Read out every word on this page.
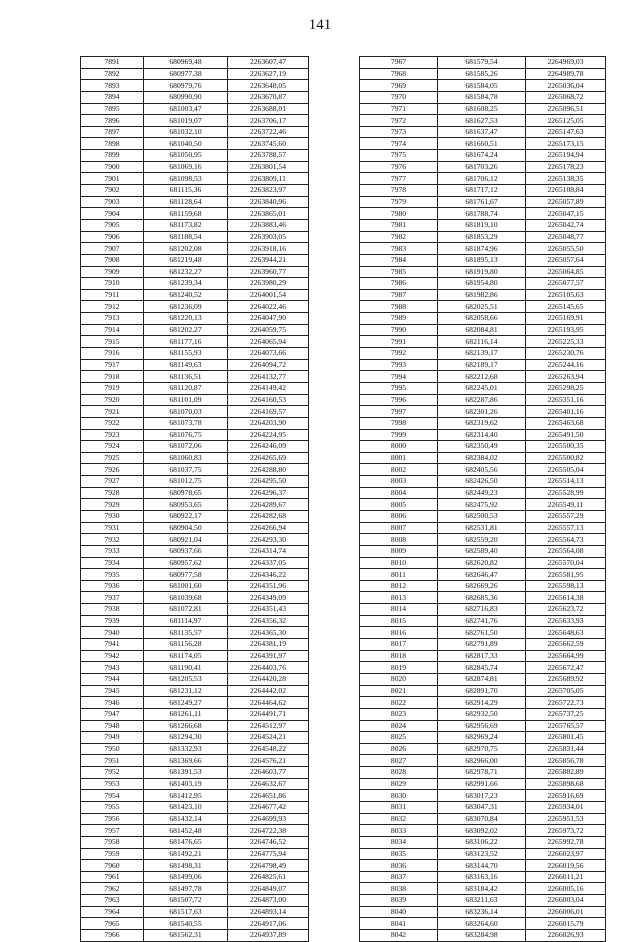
141
7891	680969,48	2263607,47
7892	680977,38	2263627,19
7893	680979,76	2263648,05
7894	680990,90	2263670,87
7895	681003,47	2263688,01
7896	681019,07	2263706,17
7897	681032,10	2263722,46
7898	681040,50	2263745,60
7899	681050,95	2263788,57
7900	681069,16	2263801,54
7901	681098,53	2263809,11
7902	681115,36	2263823,97
7903	681128,64	2263840,96
7904	681159,68	2263865,01
7905	681173,82	2263883,46
7906	681188,54	2263903,05
7907	681202,08	2263918,16
7908	681219,48	2263944,21
7909	681232,27	2263960,77
7910	681239,34	2263980,29
7911	681240,52	2264001,54
7912	681236,09	2264022,46
7913	681220,13	2264047,90
7914	681202,27	2264059,75
7915	681177,16	2264065,94
7916	681155,93	2264073,66
7917	681149,63	2264094,72
7918	681136,51	2264132,77
7919	681120,87	2264149,42
7920	681101,09	2264160,53
7921	681070,03	2264169,57
7922	681073,78	2264203,90
7923	681076,75	2264224,95
7924	681072,06	2264246,09
7925	681060,83	2264265,69
7926	681037,75	2264288,80
7927	681012,75	2264295,50
7928	680978,65	2264296,37
7929	680953,65	2264289,67
7930	680922,17	2264282,68
7931	680904,50	2264266,94
7932	680921,04	2264293,30
7933	680937,66	2264314,74
7934	680957,62	2264337,05
7935	680977,58	2264346,22
7936	681001,60	2264351,96
7937	681039,68	2264349,09
7938	681072,81	2264351,43
7939	681114,97	2264356,32
7940	681135,57	2264365,30
7941	681156,28	2264381,19
7942	681174,05	2264391,97
7943	681190,41	2264403,76
7944	681205,53	2264420,28
7945	681231,12	2264442,02
7946	681249,27	2264464,62
7947	681261,11	2264491,71
7948	681266,68	2264512,97
7949	681294,30	2264524,21
7950	681332,93	2264548,22
7951	681369,66	2264576,21
7952	681391,53	2264603,77
7953	681403,19	2264632,67
7954	681412,95	2264651,86
7955	681423,10	2264677,42
7956	681432,14	2264699,93
7957	681452,48	2264722,38
7958	681476,65	2264746,52
7959	681492,21	2264775,94
7960	681498,31	2264798,49
7961	681499,06	2264825,61
7962	681497,78	2264849,07
7963	681507,72	2264873,00
7964	681517,63	2264893,14
7965	681540,55	2264917,06
7966	681562,31	2264937,89
7967	681579,54	2264969,03
7968	681585,26	2264989,78
7969	681584,05	2265036,04
7970	681584,78	2265068,72
7971	681608,25	2265096,51
7972	681627,53	2265125,05
7973	681637,47	2265147,63
7974	681660,51	2265173,15
7975	681674,24	2265194,94
7976	681703,26	2265178,23
7977	681706,12	2265138,35
7978	681717,12	2265108,84
7979	681761,67	2265057,89
7980	681788,74	2265047,15
7981	681819,10	2265042,74
7982	681853,29	2265048,77
7983	681874,96	2265055,50
7984	681895,13	2265057,64
7985	681919,80	2265064,85
7986	681954,80	2265077,57
7987	681982,86	2265105,63
7988	682025,51	2265145,65
7989	682058,66	2265169,91
7990	682084,81	2265193,95
7991	682116,14	2265225,33
7992	682139,17	2265230,76
7993	682189,17	2265244,16
7994	682212,68	2265263,94
7995	682245,01	2265298,25
7996	682287,86	2265351,16
7997	682301,26	2265401,16
7998	682319,62	2265463,68
7999	682314,40	2265491,50
8000	682350,49	2265500,35
8001	682384,02	2265500,82
8002	682405,56	2265505,04
8003	682426,50	2265514,13
8004	682449,23	2265528,99
8005	682475,92	2265549,11
8006	682500,53	2265557,29
8007	682531,81	2265557,13
8008	682559,20	2265564,73
8009	682589,40	2265564,08
8010	682620,82	2265570,04
8011	682646,47	2265581,95
8012	682669,26	2265598,13
8013	682685,36	2265614,38
8014	682716,83	2265623,72
8015	682741,76	2265633,93
8016	682761,50	2265648,63
8017	682791,89	2265662,59
8018	682817,33	2265664,99
8019	682845,74	2265672,47
8020	682874,81	2265689,92
8021	682891,70	2265705,05
8022	682914,29	2265722,73
8023	682932,50	2265737,25
8024	682956,69	2265765,57
8025	682969,24	2265801,45
8026	682970,75	2265831,44
8027	682966,00	2265856,78
8028	682978,71	2265882,89
8029	682991,66	2265898,68
8030	683017,23	2265916,69
8031	683047,31	2265934,01
8032	683070,84	2265951,53
8033	683092,02	2265973,72
8034	683106,22	2265992,78
8035	683123,52	2266023,97
8036	683144,70	2266019,56
8037	683163,16	2266011,21
8038	683184,42	2266005,16
8039	683211,63	2266003,04
8040	683236,14	2266006,01
8041	683264,60	2266015,79
8042	683284,98	2266026,93
